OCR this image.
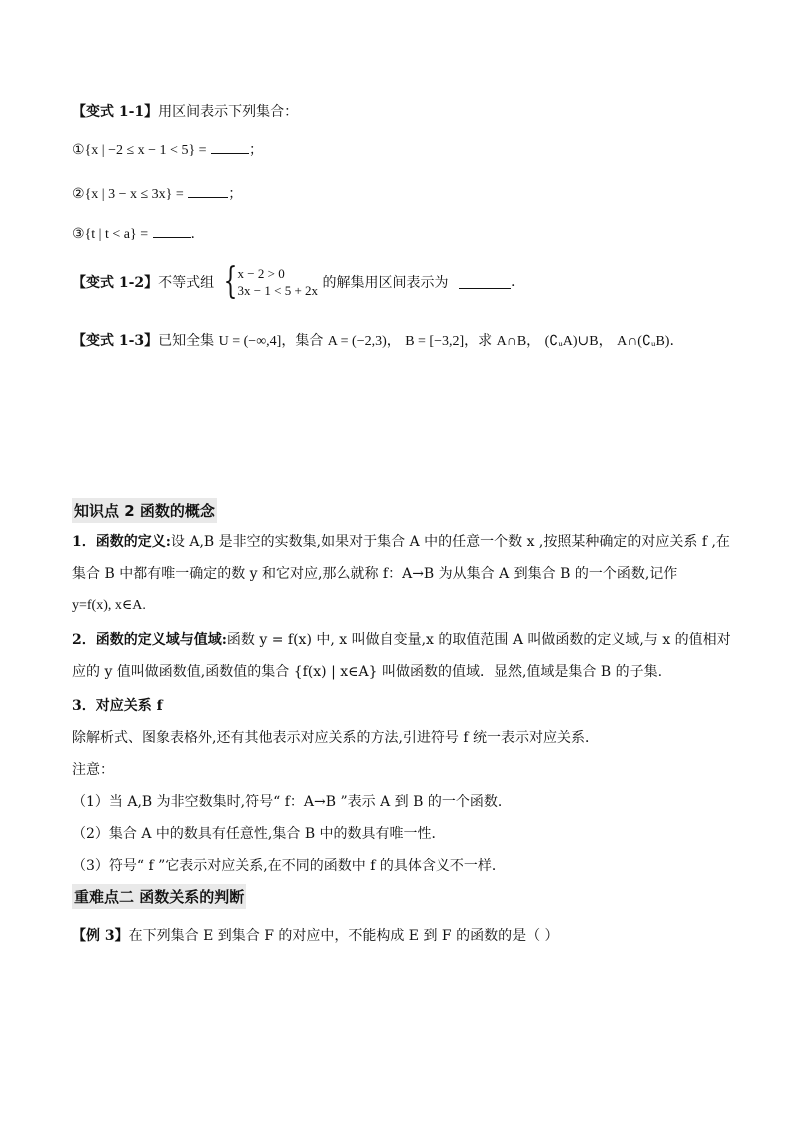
【变式 1-1】用区间表示下列集合：
①{x | −2 ≤ x − 1 < 5} =	；
②{x | 3 − x ≤ 3x} =	；
③{t | t < a} =	.
【变式 1-2】不等式组 { x − 2 > 0
3x − 1 < 5 + 2x 的解集用区间表示为	.
【变式 1-3】已知全集 U = (−∞,4]，集合 A = (−2,3)， B = [−3,2]，求 A∩B， (∁ᵤA)∪B， A∩(∁ᵤB).
知识点 2 函数的概念
1．函数的定义:设 A,B 是非空的实数集,如果对于集合 A 中的任意一个数 x ,按照某种确定的对应关系 f ,在
集合 B 中都有唯一确定的数 y 和它对应,那么就称 f：A→B 为从集合 A 到集合 B 的一个函数,记作
y=f(x), x∈A.
2．函数的定义域与值域:函数 y = f(x) 中, x 叫做自变量,x 的取值范围 A 叫做函数的定义域,与 x 的值相对
应的 y 值叫做函数值,函数值的集合 {f(x) | x∈A} 叫做函数的值域．显然,值域是集合 B 的子集.
3．对应关系 f
除解析式、图象表格外,还有其他表示对应关系的方法,引进符号 f 统一表示对应关系．
注意：
（1）当 A,B 为非空数集时,符号“ f：A→B ”表示 A 到 B 的一个函数．
（2）集合 A 中的数具有任意性,集合 B 中的数具有唯一性．
（3）符号“ f ”它表示对应关系,在不同的函数中 f 的具体含义不一样．
重难点二 函数关系的判断
【例 3】在下列集合 E 到集合 F 的对应中，不能构成 E 到 F 的函数的是（ ）
